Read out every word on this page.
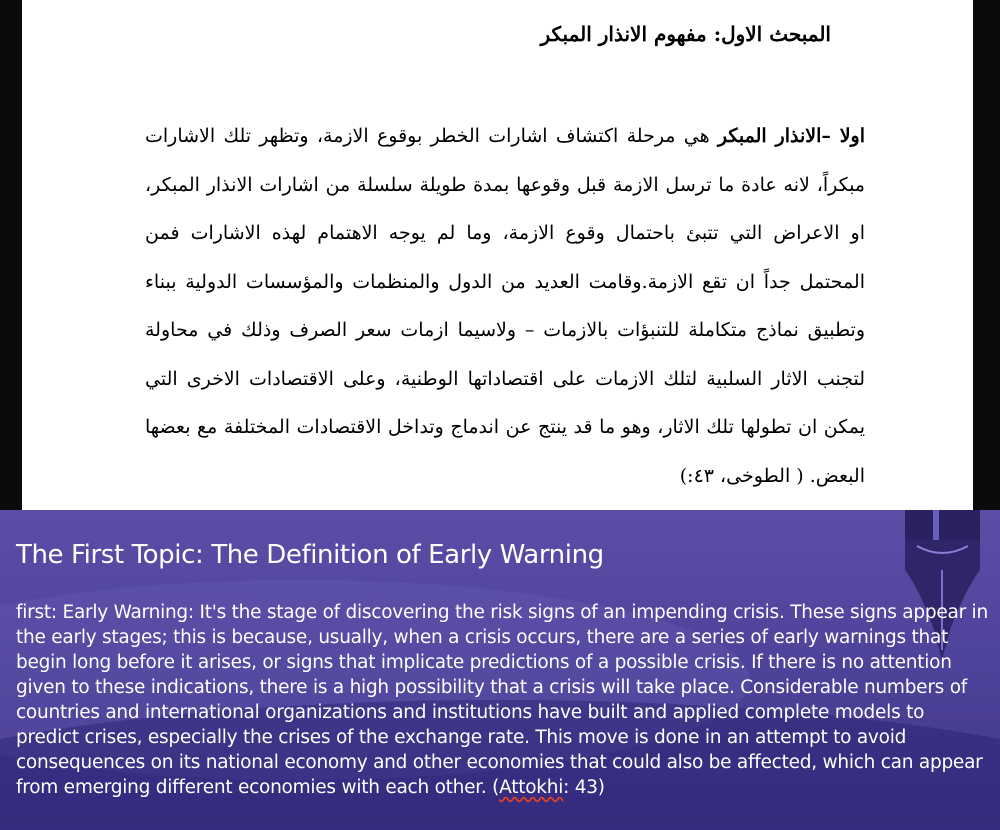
المبحث الاول: مفهوم الانذار المبكر
اولا –الانذار المبكر هي مرحلة اكتشاف اشارات الخطر بوقوع الازمة، وتظهر تلك الاشارات مبكراً، لانه عادة ما ترسل الازمة قبل وقوعها بمدة طويلة سلسلة من اشارات الانذار المبكر، او الاعراض التي تتبئ باحتمال وقوع الازمة، وما لم يوجه الاهتمام لهذه الاشارات فمن المحتمل جداً ان تقع الازمة.وقامت العديد من الدول والمنظمات والمؤسسات الدولية ببناء وتطبيق نماذج متكاملة للتنبؤات بالازمات – ولاسيما ازمات سعر الصرف وذلك في محاولة لتجنب الاثار السلبية لتلك الازمات على اقتصاداتها الوطنية، وعلى الاقتصادات الاخرى التي يمكن ان تطولها تلك الاثار، وهو ما قد ينتج عن اندماج وتداخل الاقتصادات المختلفة مع بعضها البعض. ( الطوخى، ٤٣:)
The First Topic: The Definition of Early Warning
first: Early Warning: It's the stage of discovering the risk signs of an impending crisis. These signs appear in the early stages; this is because, usually, when a crisis occurs, there are a series of early warnings that begin long before it arises, or signs that implicate predictions of a possible crisis. If there is no attention given to these indications, there is a high possibility that a crisis will take place. Considerable numbers of countries and international organizations and institutions have built and applied complete models to predict crises, especially the crises of the exchange rate. This move is done in an attempt to avoid consequences on its national economy and other economies that could also be affected, which can appear from emerging different economies with each other. (Attokhi: 43)
